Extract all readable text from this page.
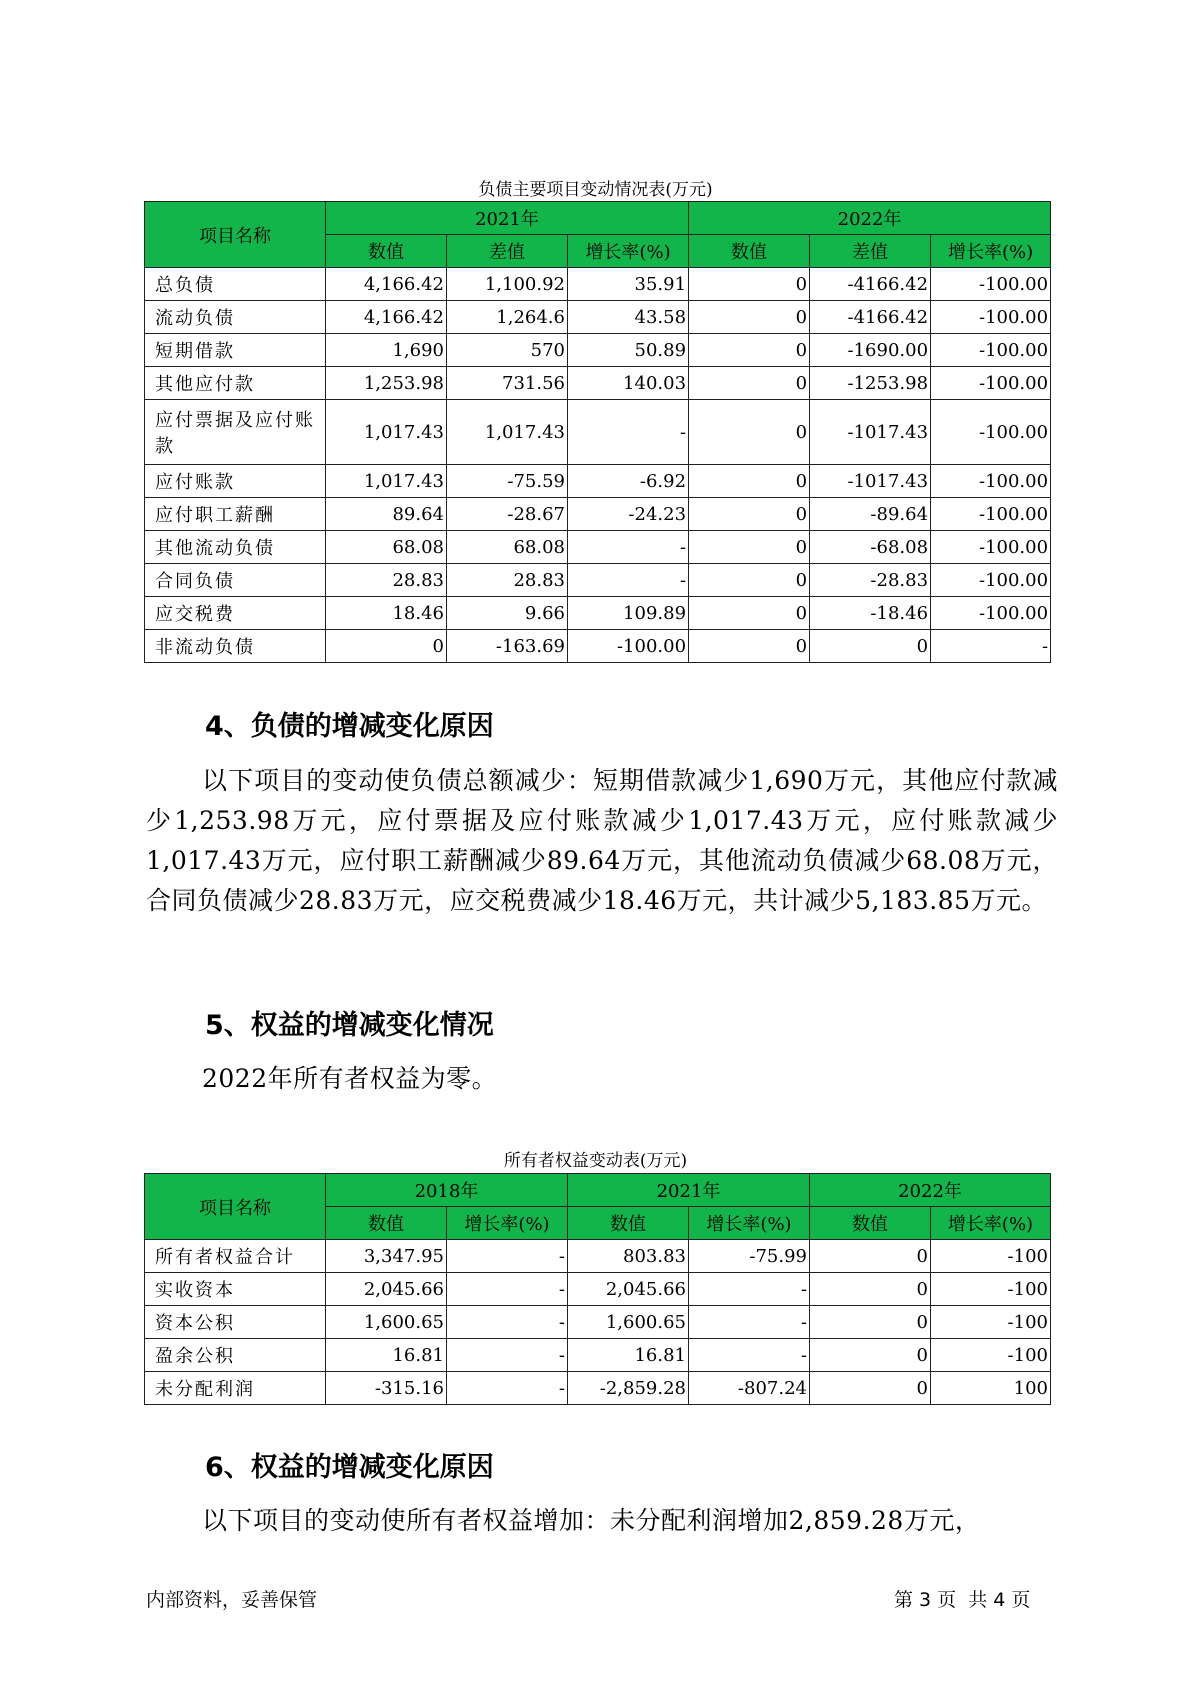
负债主要项目变动情况表(万元)
项目名称	2021年			2022年		
	数值	差值	增长率(%)	数值	差值	增长率(%)
总负债	4,166.42	1,100.92	35.91	0	-4166.42	-100.00
流动负债	4,166.42	1,264.6	43.58	0	-4166.42	-100.00
短期借款	1,690	570	50.89	0	-1690.00	-100.00
其他应付款	1,253.98	731.56	140.03	0	-1253.98	-100.00
应付票据及应付账款	1,017.43	1,017.43	-	0	-1017.43	-100.00
应付账款	1,017.43	-75.59	-6.92	0	-1017.43	-100.00
应付职工薪酬	89.64	-28.67	-24.23	0	-89.64	-100.00
其他流动负债	68.08	68.08	-	0	-68.08	-100.00
合同负债	28.83	28.83	-	0	-28.83	-100.00
应交税费	18.46	9.66	109.89	0	-18.46	-100.00
非流动负债	0	-163.69	-100.00	0	0	-
4、负债的增减变化原因

以下项目的变动使负债总额减少：短期借款减少1,690万元，其他应付款减少1,253.98万元，应付票据及应付账款减少1,017.43万元，应付账款减少1,017.43万元，应付职工薪酬减少89.64万元，其他流动负债减少68.08万元，合同负债减少28.83万元，应交税费减少18.46万元，共计减少5,183.85万元。

5、权益的增减变化情况

2022年所有者权益为零。

所有者权益变动表(万元)
项目名称	2018年		2021年		2022年	
	数值	增长率(%)	数值	增长率(%)	数值	增长率(%)
所有者权益合计	3,347.95	-	803.83	-75.99	0	-100
实收资本	2,045.66	-	2,045.66	-	0	-100
资本公积	1,600.65	-	1,600.65	-	0	-100
盈余公积	16.81	-	16.81	-	0	-100
未分配利润	-315.16	-	-2,859.28	-807.24	0	100
6、权益的增减变化原因

以下项目的变动使所有者权益增加：未分配利润增加2,859.28万元，

内部资料，妥善保管	第 3 页  共 4 页
